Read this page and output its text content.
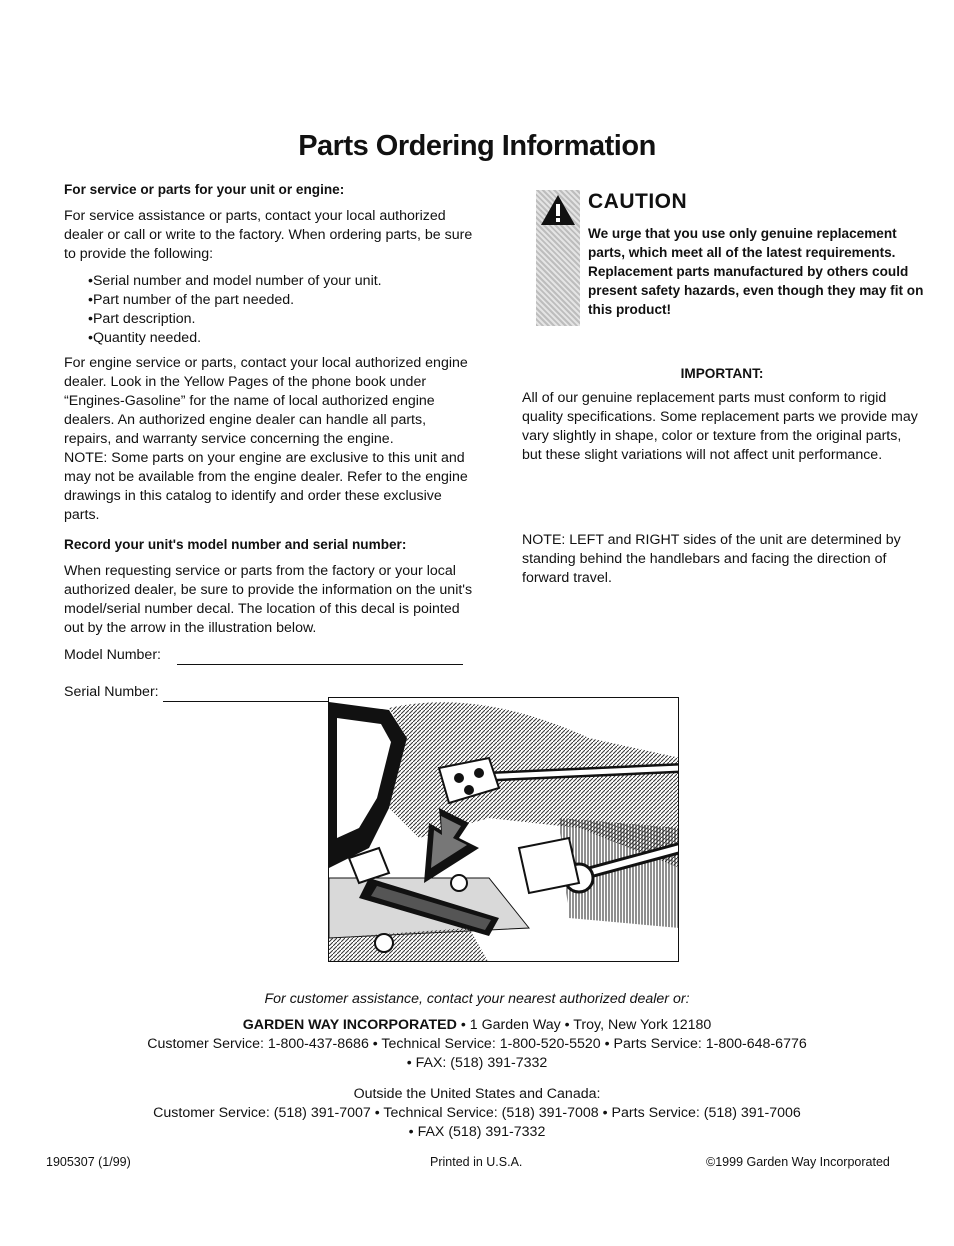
Parts Ordering Information
For service or parts for your unit or engine:

For service assistance or parts, contact your local authorized dealer or call or write to the factory. When ordering parts, be sure to provide the following:

• Serial number and model number of your unit.
• Part number of the part needed.
• Part description.
• Quantity needed.

For engine service or parts, contact your local authorized engine dealer. Look in the Yellow Pages of the phone book under “Engines-Gasoline” for the name of local authorized engine dealers. An authorized engine dealer can handle all parts, repairs, and warranty service concerning the engine.

NOTE: Some parts on your engine are exclusive to this unit and may not be available from the engine dealer. Refer to the engine drawings in this catalog to identify and order these exclusive parts.

Record your unit's model number and serial number:

When requesting service or parts from the factory or your local authorized dealer, be sure to provide the information on the unit's model/serial number decal. The location of this decal is pointed out by the arrow in the illustration below.

Model Number:
Serial Number:
CAUTION
We urge that you use only genuine replacement parts, which meet all of the latest requirements. Replacement parts manufactured by others could present safety hazards, even though they may fit on this product!
IMPORTANT:

All of our genuine replacement parts must conform to rigid quality specifications. Some replacement parts we provide may vary slightly in shape, color or texture from the original parts, but these slight variations will not affect unit performance.

NOTE: LEFT and RIGHT sides of the unit are determined by standing behind the handlebars and facing the direction of forward travel.

For customer assistance, contact your nearest authorized dealer or:
GARDEN WAY INCORPORATED • 1 Garden Way • Troy, New York 12180
Customer Service: 1-800-437-8686 • Technical Service: 1-800-520-5520 • Parts Service: 1-800-648-6776
• FAX: (518) 391-7332
Outside the United States and Canada:
Customer Service: (518) 391-7007 • Technical Service: (518) 391-7008 • Parts Service: (518) 391-7006
• FAX (518) 391-7332
1905307 (1/99)	Printed in U.S.A.	©1999 Garden Way Incorporated
